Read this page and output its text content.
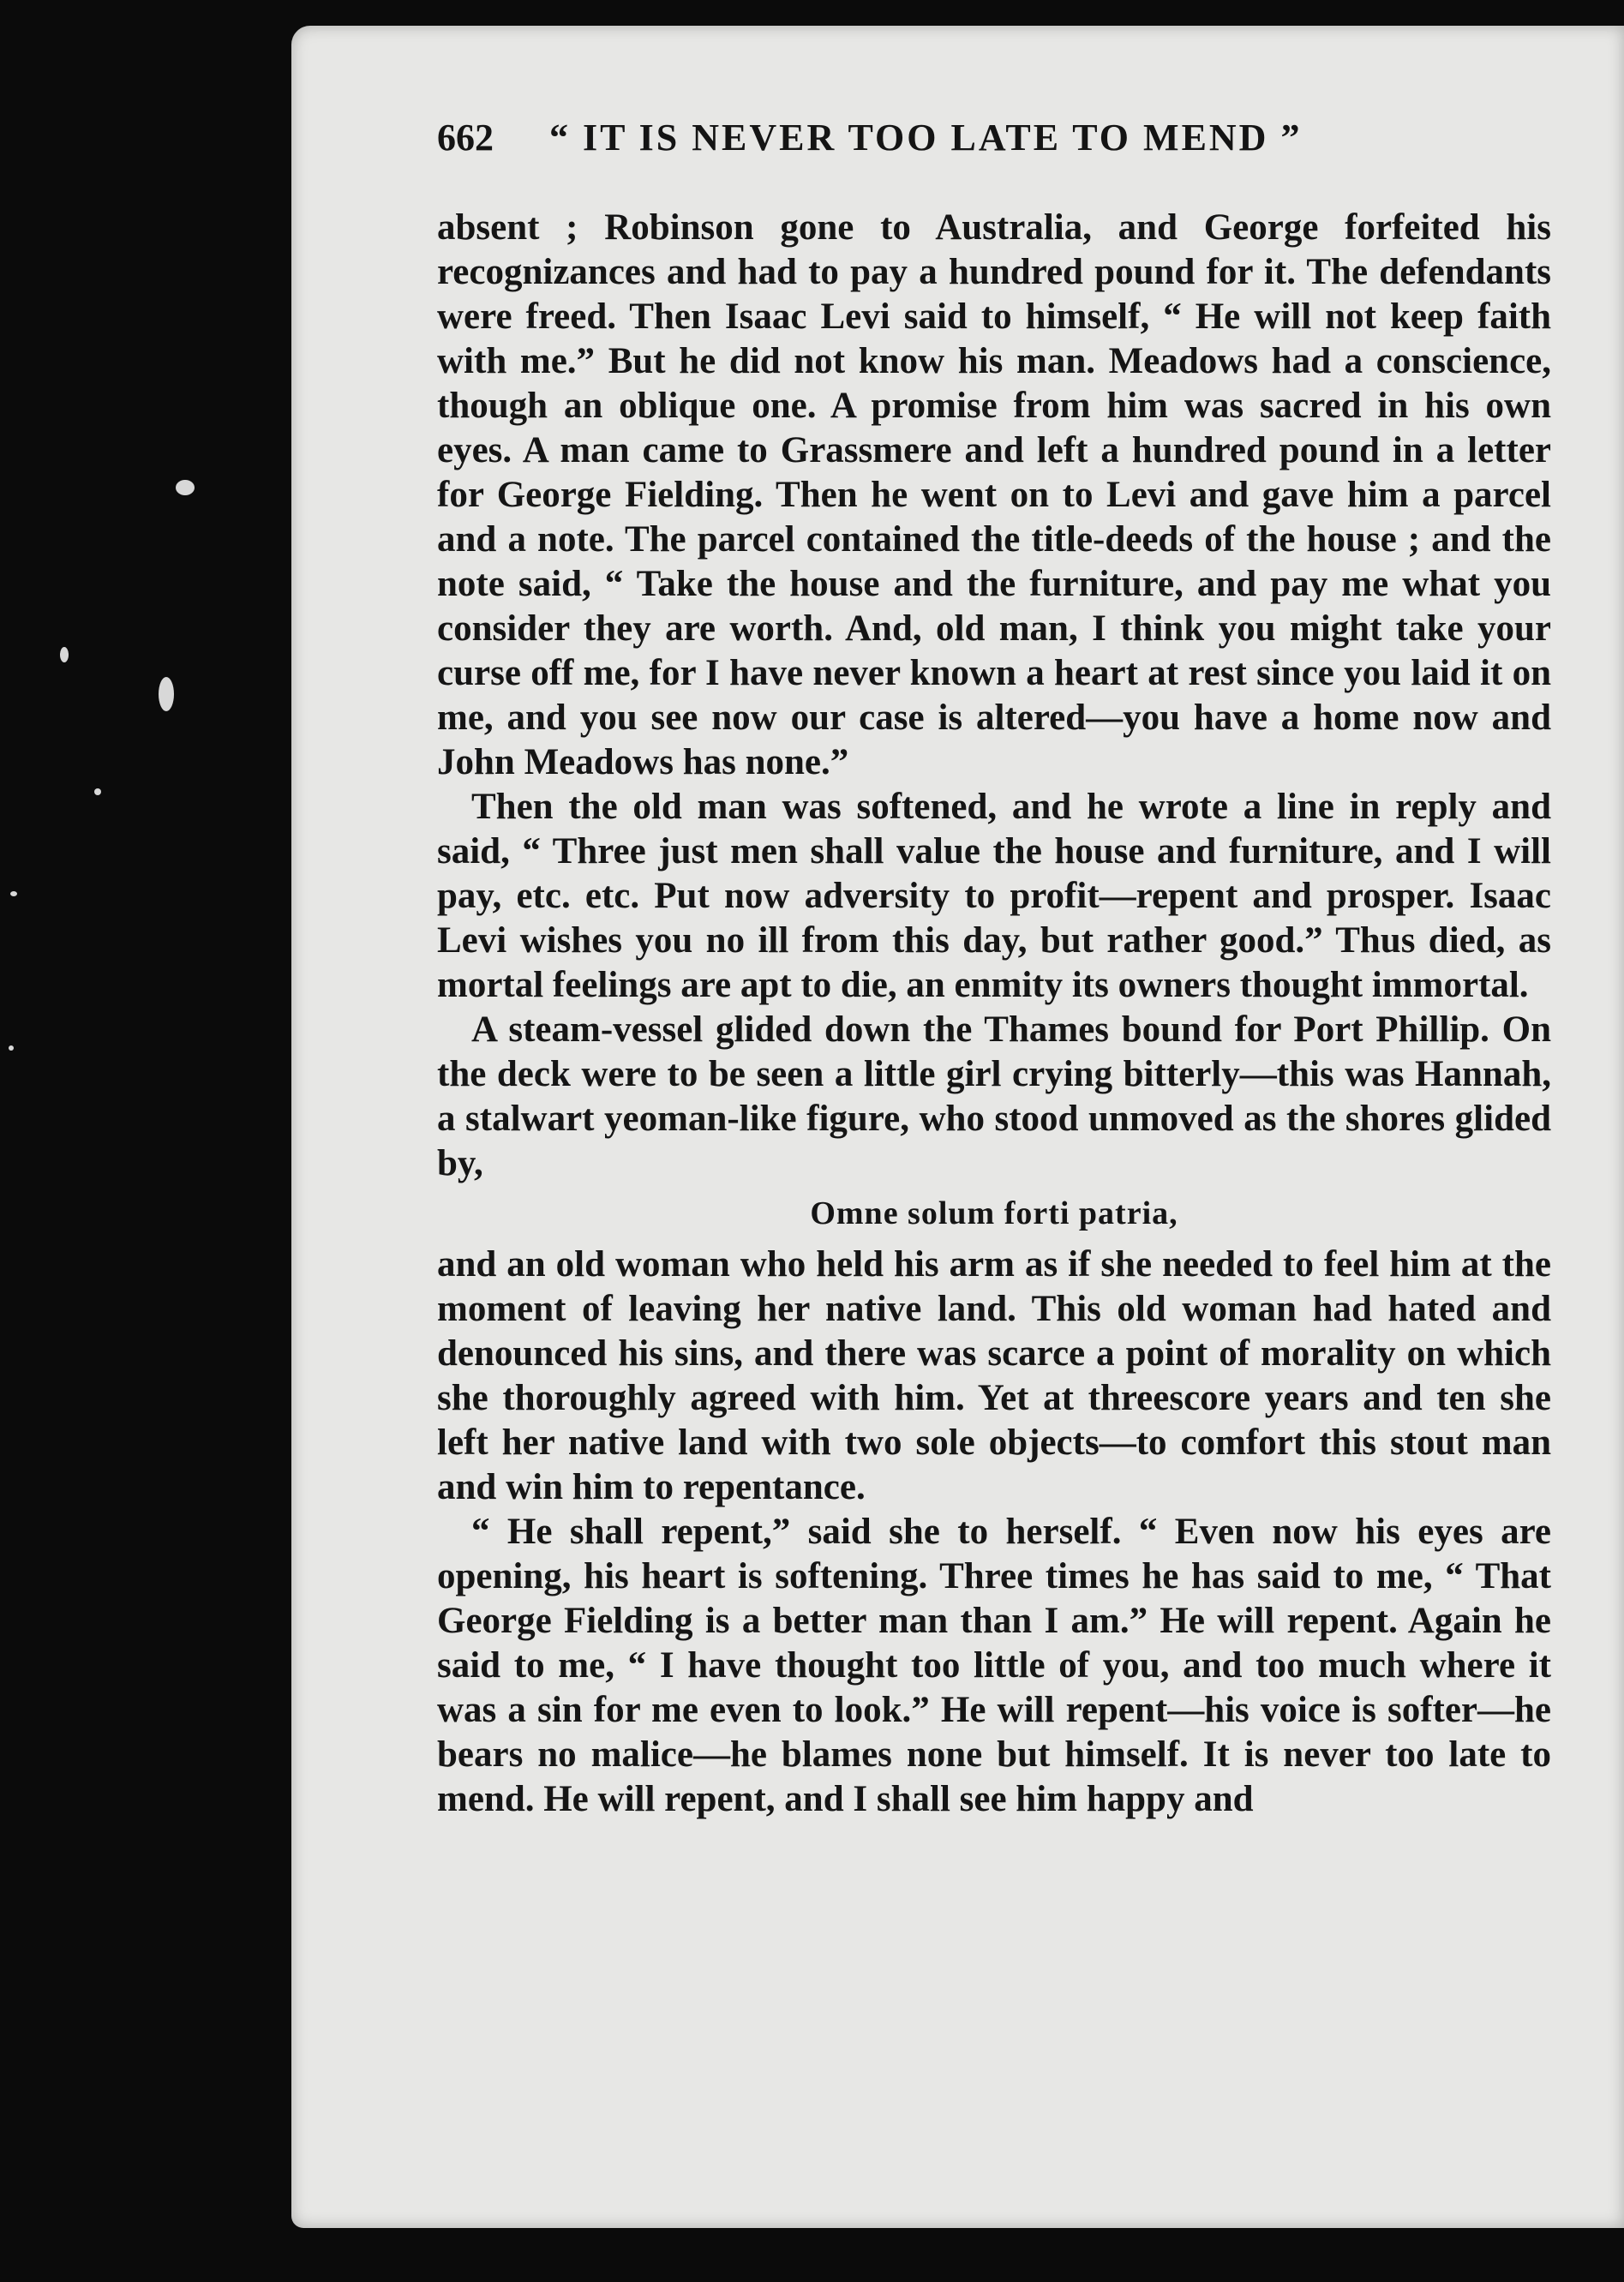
662 “ IT IS NEVER TOO LATE TO MEND ”

absent ; Robinson gone to Australia, and George forfeited his recognizances and had to pay a hundred pound for it. The defendants were freed. Then Isaac Levi said to himself, “ He will not keep faith with me.” But he did not know his man. Meadows had a conscience, though an oblique one. A promise from him was sacred in his own eyes. A man came to Grassmere and left a hundred pound in a letter for George Fielding. Then he went on to Levi and gave him a parcel and a note. The parcel contained the title-deeds of the house ; and the note said, “ Take the house and the furniture, and pay me what you consider they are worth. And, old man, I think you might take your curse off me, for I have never known a heart at rest since you laid it on me, and you see now our case is altered—you have a home now and John Meadows has none.”

Then the old man was softened, and he wrote a line in reply and said, “ Three just men shall value the house and furniture, and I will pay, etc. etc. Put now adversity to profit—repent and prosper. Isaac Levi wishes you no ill from this day, but rather good.” Thus died, as mortal feelings are apt to die, an enmity its owners thought immortal.

A steam-vessel glided down the Thames bound for Port Phillip. On the deck were to be seen a little girl crying bitterly—this was Hannah, a stalwart yeoman-like figure, who stood unmoved as the shores glided by,

Omne solum forti patria,

and an old woman who held his arm as if she needed to feel him at the moment of leaving her native land. This old woman had hated and denounced his sins, and there was scarce a point of morality on which she thoroughly agreed with him. Yet at threescore years and ten she left her native land with two sole objects—to comfort this stout man and win him to repentance.

“ He shall repent,” said she to herself. “ Even now his eyes are opening, his heart is softening. Three times he has said to me, “ That George Fielding is a better man than I am.” He will repent. Again he said to me, “ I have thought too little of you, and too much where it was a sin for me even to look.” He will repent—his voice is softer—he bears no malice—he blames none but himself. It is never too late to mend. He will repent, and I shall see him happy and
